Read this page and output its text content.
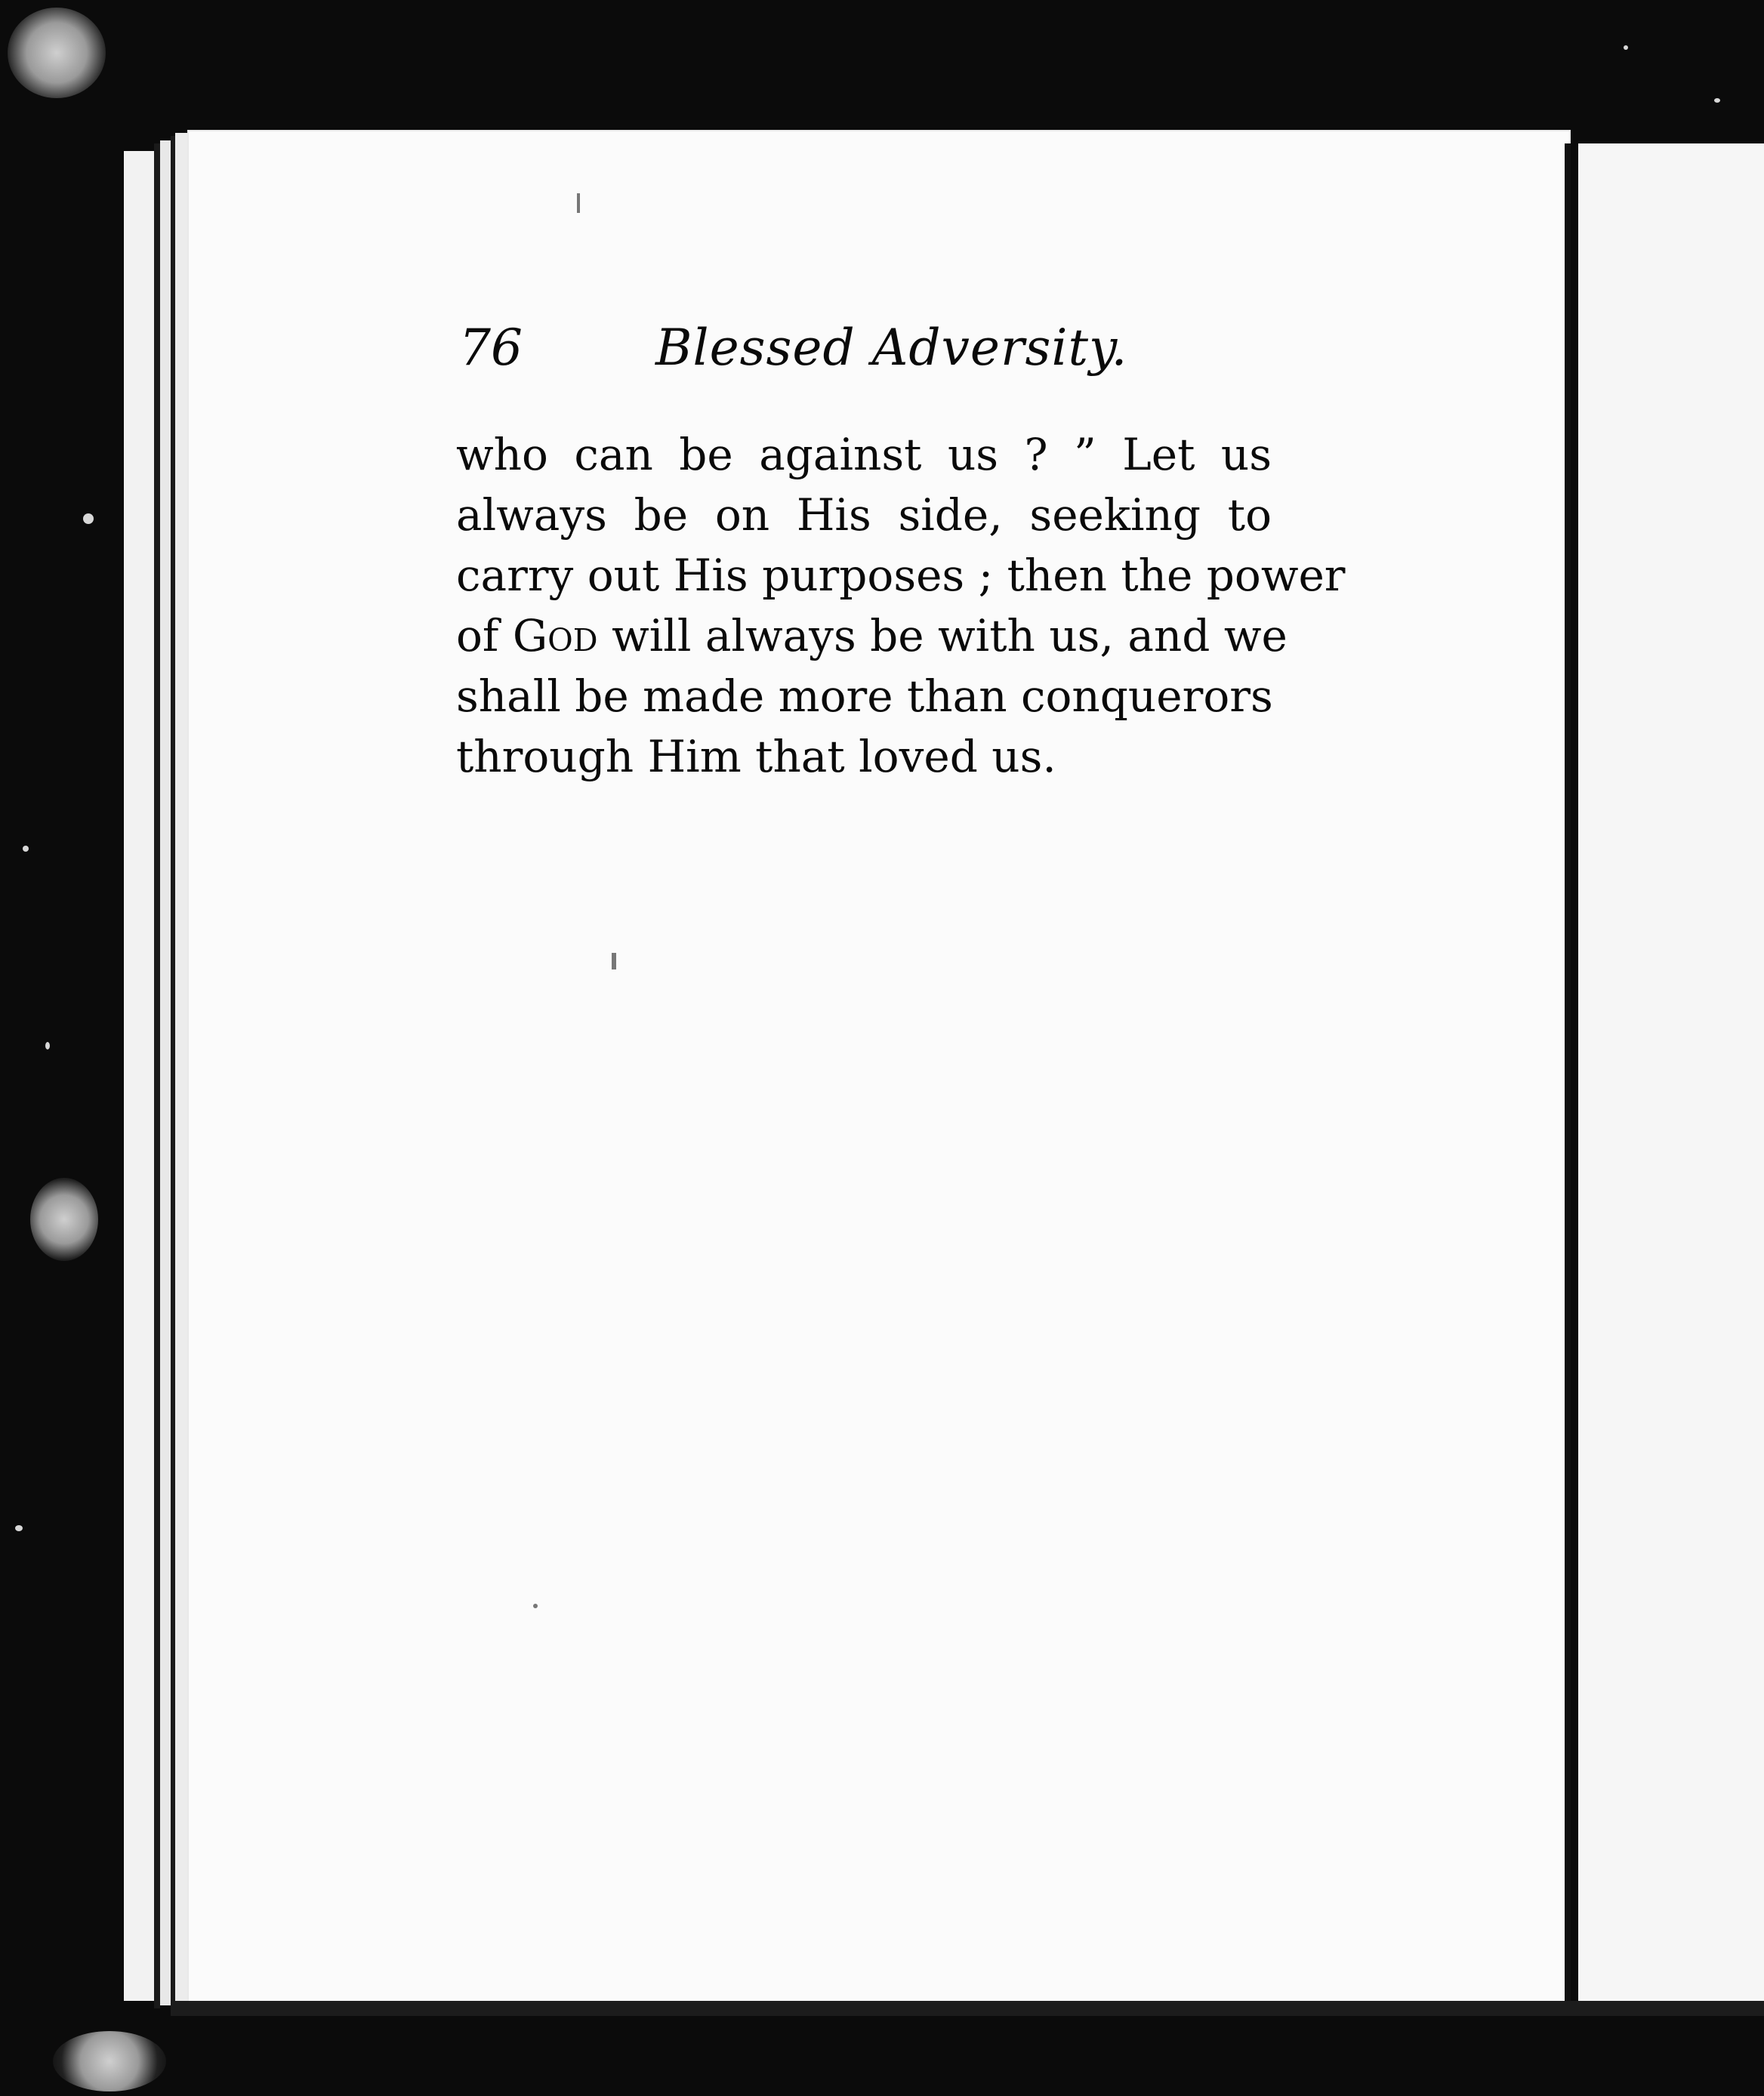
76	Blessed Adversity.
who can be against us ? ” Let us
always be on His side, seeking to
carry out His purposes ; then the power
of God will always be with us, and we
shall be made more than conquerors
through Him that loved us.
